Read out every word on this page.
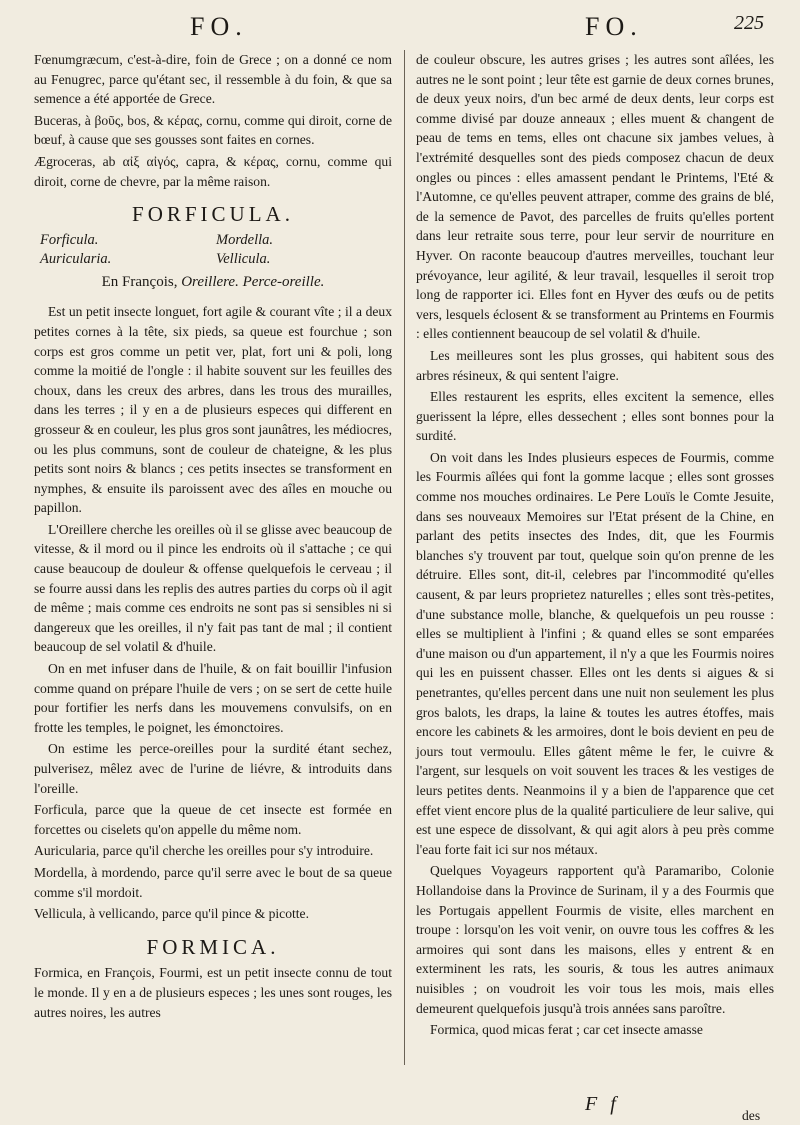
FO.	FO.	225

Fœnumgræcum, c'est-à-dire, foin de Grece ; on a donné ce nom au Fenugrec, parce qu'étant sec, il ressemble à du foin, & que sa semence a été apportée de Grece.

Buceras, à βοῦς, bos, & κέρας, cornu, comme qui diroit, corne de bœuf, à cause que ses gousses sont faites en cornes.

Ægroceras, ab αἰξ αἰγός, capra, & κέρας, cornu, comme qui diroit, corne de chevre, par la même raison.

FORFICULA.
Forficula.	Mordella.
Auricularia.	Vellicula.
En François, Oreillere. Perce-oreille.

Est un petit insecte longuet, fort agile & courant vîte ; il a deux petites cornes à la tête, six pieds, sa queue est fourchue ; son corps est gros comme un petit ver, plat, fort uni & poli, long comme la moitié de l'ongle : il habite souvent sur les feuilles des choux, dans les creux des arbres, dans les trous des murailles, dans les terres ; il y en a de plusieurs especes qui different en grosseur & en couleur, les plus gros sont jaunâtres, les médiocres, ou les plus communs, sont de couleur de chateigne, & les plus petits sont noirs & blancs ; ces petits insectes se transforment en nymphes, & ensuite ils paroissent avec des aîles en mouche ou papillon.

L'Oreillere cherche les oreilles où il se glisse avec beaucoup de vitesse, & il mord ou il pince les endroits où il s'attache ; ce qui cause beaucoup de douleur & offense quelquefois le cerveau ; il se fourre aussi dans les replis des autres parties du corps où il agit de même ; mais comme ces endroits ne sont pas si sensibles ni si dangereux que les oreilles, il n'y fait pas tant de mal ; il contient beaucoup de sel volatil & d'huile.

On en met infuser dans de l'huile, & on fait bouillir l'infusion comme quand on prépare l'huile de vers ; on se sert de cette huile pour fortifier les nerfs dans les mouvemens convulsifs, on en frotte les temples, le poignet, les émonctoires.

On estime les perce-oreilles pour la surdité étant sechez, pulverisez, mêlez avec de l'urine de liévre, & introduits dans l'oreille.

Forficula, parce que la queue de cet insecte est formée en forcettes ou ciselets qu'on appelle du même nom.

Auricularia, parce qu'il cherche les oreilles pour s'y introduire.

Mordella, à mordendo, parce qu'il serre avec le bout de sa queue comme s'il mordoit.

Vellicula, à vellicando, parce qu'il pince & picotte.

FORMICA.

Formica, en François, Fourmi, est un petit insecte connu de tout le monde. Il y en a de plusieurs especes ; les unes sont rouges, les autres noires, les autres

de couleur obscure, les autres grises ; les autres sont aîlées, les autres ne le sont point ; leur tête est garnie de deux cornes brunes, de deux yeux noirs, d'un bec armé de deux dents, leur corps est comme divisé par douze anneaux ; elles muent & changent de peau de tems en tems, elles ont chacune six jambes velues, à l'extrémité desquelles sont des pieds composez chacun de deux ongles ou pinces : elles amassent pendant le Printems, l'Eté & l'Automne, ce qu'elles peuvent attraper, comme des grains de blé, de la semence de Pavot, des parcelles de fruits qu'elles portent dans leur retraite sous terre, pour leur servir de nourriture en Hyver. On raconte beaucoup d'autres merveilles, touchant leur prévoyance, leur agilité, & leur travail, lesquelles il seroit trop long de rapporter ici. Elles font en Hyver des œufs ou de petits vers, lesquels éclosent & se transforment au Printems en Fourmis : elles contiennent beaucoup de sel volatil & d'huile.

Les meilleures sont les plus grosses, qui habitent sous des arbres résineux, & qui sentent l'aigre.

Elles restaurent les esprits, elles excitent la semence, elles guerissent la lépre, elles dessechent ; elles sont bonnes pour la surdité.

On voit dans les Indes plusieurs especes de Fourmis, comme les Fourmis aîlées qui font la gomme lacque ; elles sont grosses comme nos mouches ordinaires. Le Pere Louïs le Comte Jesuite, dans ses nouveaux Memoires sur l'Etat présent de la Chine, en parlant des petits insectes des Indes, dit, que les Fourmis blanches s'y trouvent par tout, quelque soin qu'on prenne de les détruire. Elles sont, dit-il, celebres par l'incommodité qu'elles causent, & par leurs proprietez naturelles ; elles sont très-petites, d'une substance molle, blanche, & quelquefois un peu rousse : elles se multiplient à l'infini ; & quand elles se sont emparées d'une maison ou d'un appartement, il n'y a que les Fourmis noires qui les en puissent chasser. Elles ont les dents si aigues & si penetrantes, qu'elles percent dans une nuit non seulement les plus gros balots, les draps, la laine & toutes les autres étoffes, mais encore les cabinets & les armoires, dont le bois devient en peu de jours tout vermoulu. Elles gâtent même le fer, le cuivre & l'argent, sur lesquels on voit souvent les traces & les vestiges de leurs petites dents. Neanmoins il y a bien de l'apparence que cet effet vient encore plus de la qualité particuliere de leur salive, qui est une espece de dissolvant, & qui agit alors à peu près comme l'eau forte fait ici sur nos métaux.

Quelques Voyageurs rapportent qu'à Paramaribo, Colonie Hollandoise dans la Province de Surinam, il y a des Fourmis que les Portugais appellent Fourmis de visite, elles marchent en troupe : lorsqu'on les voit venir, on ouvre tous les coffres & les armoires qui sont dans les maisons, elles y entrent & en exterminent les rats, les souris, & tous les autres animaux nuisibles ; on voudroit les voir tous les mois, mais elles demeurent quelquefois jusqu'à trois années sans paroître.

Formica, quod micas ferat ; car cet insecte amasse

F f
des
